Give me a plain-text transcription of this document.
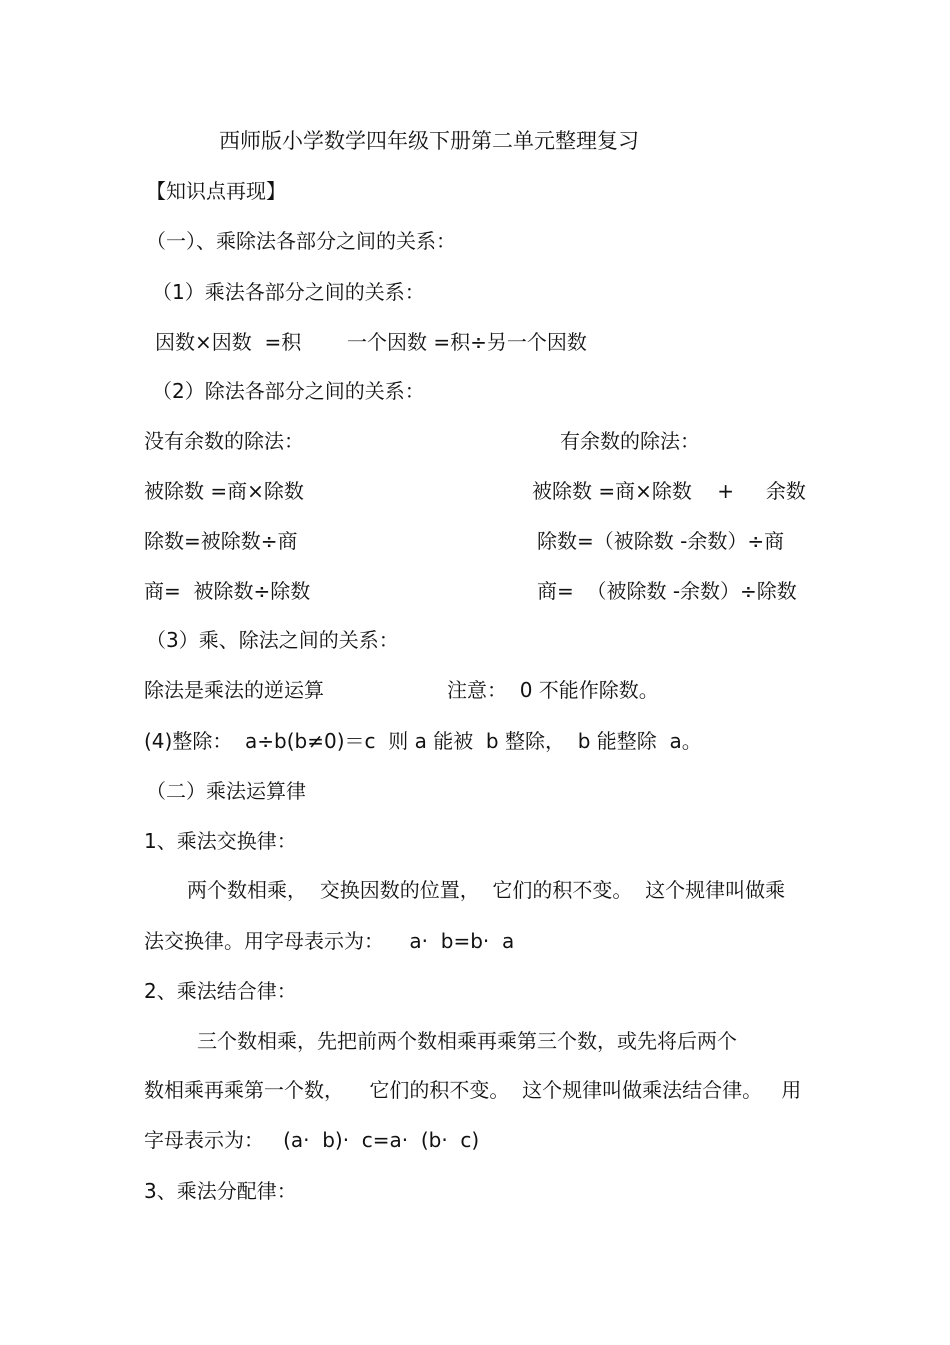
西师版小学数学四年级下册第二单元整理复习

【知识点再现】

（一）、乘除法各部分之间的关系：

（1）乘法各部分之间的关系：

因数×因数  =积 一个因数 =积÷另一个因数

（2）除法各部分之间的关系：

没有余数的除法：	有余数的除法：

被除数 =商×除数	被除数 =商×除数    +     余数

除数=被除数÷商	除数=（被除数 -余数）÷商

商=  被除数÷除数	商=  （被除数 -余数）÷除数

（3）乘、除法之间的关系：

除法是乘法的逆运算	注意：  0 不能作除数。

(4)整除：  a÷b(b≠0)＝c  则 a 能被  b 整除，  b 能整除  a。

（二）乘法运算律

1、乘法交换律：

两个数相乘，  交换因数的位置，  它们的积不变。  这个规律叫做乘

法交换律。用字母表示为：    a·  b=b·  a

2、乘法结合律：

三个数相乘，先把前两个数相乘再乘第三个数，或先将后两个

数相乘再乘第一个数，    它们的积不变。  这个规律叫做乘法结合律。   用

字母表示为：   (a·  b)·  c=a·  (b·  c)

3、乘法分配律：
